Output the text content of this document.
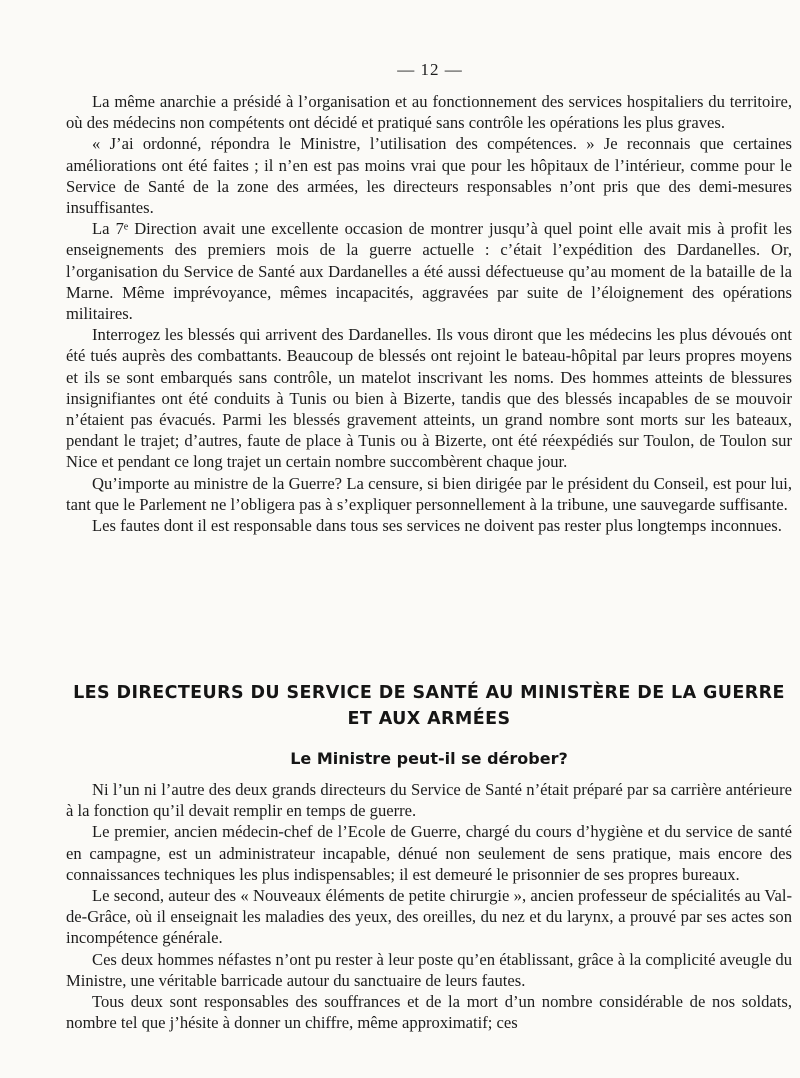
— 12 —

La même anarchie a présidé à l’organisation et au fonctionnement des services hospitaliers du territoire, où des médecins non compétents ont décidé et pratiqué sans contrôle les opérations les plus graves.

« J’ai ordonné, répondra le Ministre, l’utilisation des compétences. » Je reconnais que certaines améliorations ont été faites ; il n’en est pas moins vrai que pour les hôpitaux de l’intérieur, comme pour le Service de Santé de la zone des armées, les directeurs responsables n’ont pris que des demi-mesures insuffisantes.

La 7ᵉ Direction avait une excellente occasion de montrer jusqu’à quel point elle avait mis à profit les enseignements des premiers mois de la guerre actuelle : c’était l’expédition des Dardanelles. Or, l’organisation du Service de Santé aux Dardanelles a été aussi défectueuse qu’au moment de la bataille de la Marne. Même imprévoyance, mêmes incapacités, aggravées par suite de l’éloignement des opérations militaires.

Interrogez les blessés qui arrivent des Dardanelles. Ils vous diront que les médecins les plus dévoués ont été tués auprès des combattants. Beaucoup de blessés ont rejoint le bateau-hôpital par leurs propres moyens et ils se sont embarqués sans contrôle, un matelot inscrivant les noms. Des hommes atteints de blessures insignifiantes ont été conduits à Tunis ou bien à Bizerte, tandis que des blessés incapables de se mouvoir n’étaient pas évacués. Parmi les blessés gravement atteints, un grand nombre sont morts sur les bateaux, pendant le trajet; d’autres, faute de place à Tunis ou à Bizerte, ont été réexpédiés sur Toulon, de Toulon sur Nice et pendant ce long trajet un certain nombre succombèrent chaque jour.

Qu’importe au ministre de la Guerre? La censure, si bien dirigée par le président du Conseil, est pour lui, tant que le Parlement ne l’obligera pas à s’expliquer personnellement à la tribune, une sauvegarde suffisante.

Les fautes dont il est responsable dans tous ses services ne doivent pas rester plus longtemps inconnues.

LES DIRECTEURS DU SERVICE DE SANTÉ AU MINISTÈRE DE LA GUERRE
ET AUX ARMÉES
Le Ministre peut-il se dérober?

Ni l’un ni l’autre des deux grands directeurs du Service de Santé n’était préparé par sa carrière antérieure à la fonction qu’il devait remplir en temps de guerre.

Le premier, ancien médecin-chef de l’Ecole de Guerre, chargé du cours d’hygiène et du service de santé en campagne, est un administrateur incapable, dénué non seulement de sens pratique, mais encore des connaissances techniques les plus indispensables; il est demeuré le prisonnier de ses propres bureaux.

Le second, auteur des « Nouveaux éléments de petite chirurgie », ancien professeur de spécialités au Val-de-Grâce, où il enseignait les maladies des yeux, des oreilles, du nez et du larynx, a prouvé par ses actes son incompétence générale.

Ces deux hommes néfastes n’ont pu rester à leur poste qu’en établissant, grâce à la complicité aveugle du Ministre, une véritable barricade autour du sanctuaire de leurs fautes.

Tous deux sont responsables des souffrances et de la mort d’un nombre considérable de nos soldats, nombre tel que j’hésite à donner un chiffre, même approximatif; ces
